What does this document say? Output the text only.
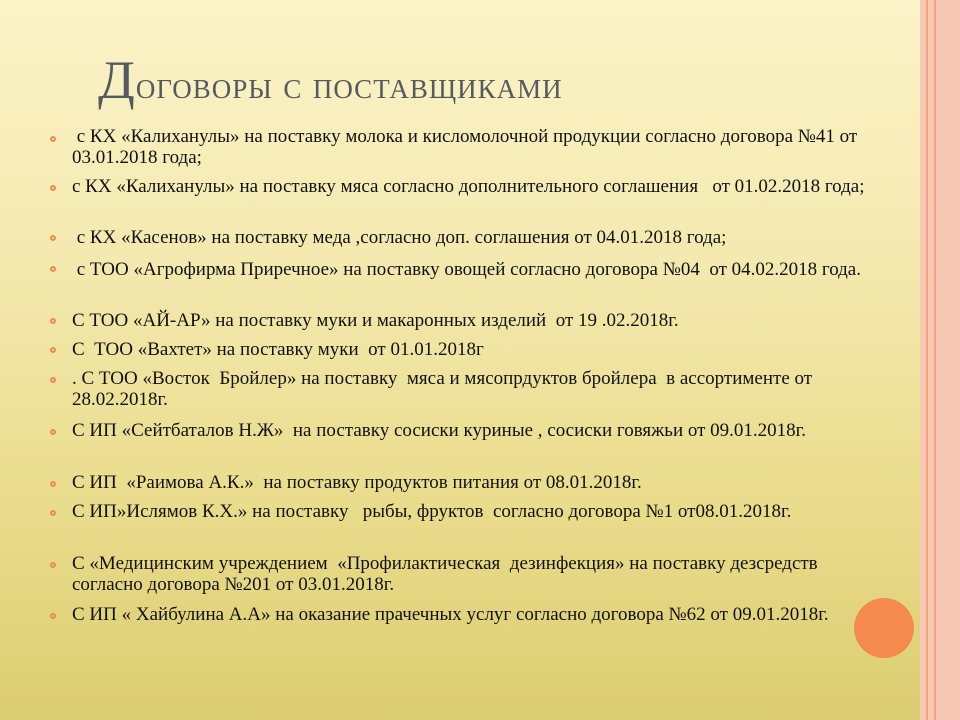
Договоры с поставщиками
с КХ «Калиханулы» на поставку молока и кисломолочной продукции согласно договора №41 от  03.01.2018 года;
с КХ «Калиханулы» на поставку мяса согласно дополнительного соглашения   от 01.02.2018 года;
с КХ «Касенов» на поставку меда ,согласно доп. соглашения от 04.01.2018 года;
с ТОО «Агрофирма Приречное» на поставку овощей согласно договора №04  от 04.02.2018 года.
С ТОО «АЙ-АР» на поставку муки и макаронных изделий  от 19 .02.2018г.
С  ТОО «Вахтет» на поставку муки  от 01.01.2018г
. С ТОО «Восток  Бройлер» на поставку  мяса и мясопрдуктов бройлера  в ассортименте от 28.02.2018г.
С ИП «Сейтбаталов Н.Ж»  на поставку сосиски куриные , сосиски говяжьи от 09.01.2018г.
С ИП  «Раимова А.К.»  на поставку продуктов питания от 08.01.2018г.
С ИП»Ислямов К.Х.» на поставку   рыбы, фруктов  согласно договора №1 от08.01.2018г.
С «Медицинским учреждением  «Профилактическая  дезинфекция» на поставку дезсредств согласно договора №201 от 03.01.2018г.
С ИП « Хайбулина А.А» на оказание прачечных услуг согласно договора №62 от 09.01.2018г.
